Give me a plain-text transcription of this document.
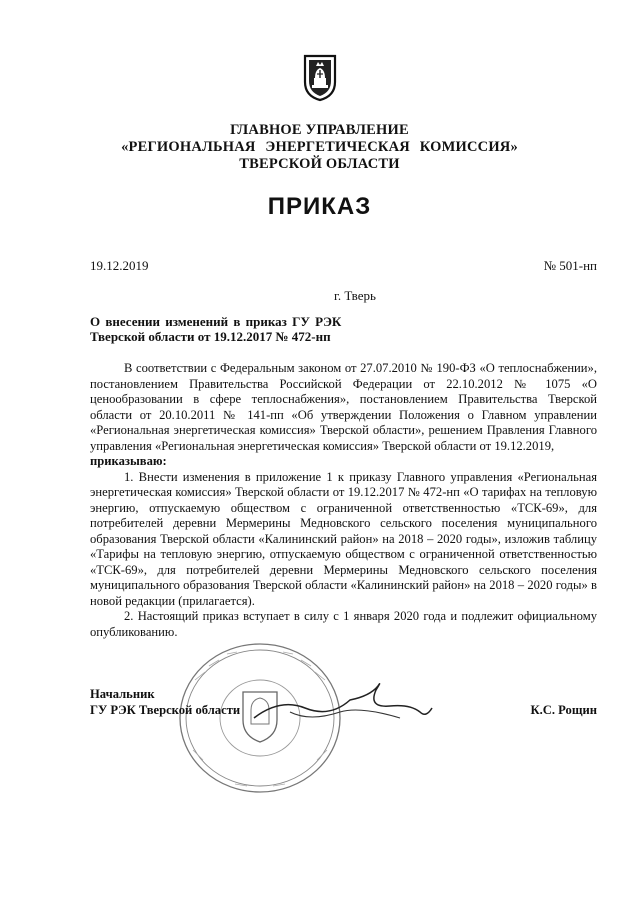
ГЛАВНОЕ УПРАВЛЕНИЕ
«РЕГИОНАЛЬНАЯ ЭНЕРГЕТИЧЕСКАЯ КОМИССИЯ»
ТВЕРСКОЙ ОБЛАСТИ
ПРИКАЗ
19.12.2019	№ 501-нп
г. Тверь
О внесении изменений в приказ ГУ РЭК
Тверской области от 19.12.2017 № 472-нп

В соответствии с Федеральным законом от 27.07.2010 № 190-ФЗ «О теплоснабжении», постановлением Правительства Российской Федерации от 22.10.2012 № 1075 «О ценообразовании в сфере теплоснабжения», постановлением Правительства Тверской области от 20.10.2011 № 141-пп «Об утверждении Положения о Главном управлении «Региональная энергетическая комиссия» Тверской области», решением Правления Главного управления «Региональная энергетическая комиссия» Тверской области от 19.12.2019,

приказываю:

1. Внести изменения в приложение 1 к приказу Главного управления «Региональная энергетическая комиссия» Тверской области от 19.12.2017 № 472-нп «О тарифах на тепловую энергию, отпускаемую обществом с ограниченной ответственностью «ТСК-69», для потребителей деревни Мермерины Медновского сельского поселения муниципального образования Тверской области «Калининский район» на 2018 – 2020 годы», изложив таблицу «Тарифы на тепловую энергию, отпускаемую обществом с ограниченной ответственностью «ТСК-69», для потребителей деревни Мермерины Медновского сельского поселения муниципального образования Тверской области «Калининский район» на 2018 – 2020 годы» в новой редакции (прилагается).

2. Настоящий приказ вступает в силу с 1 января 2020 года и подлежит официальному опубликованию.

Начальник
ГУ РЭК Тверской области	К.С. Рощин
